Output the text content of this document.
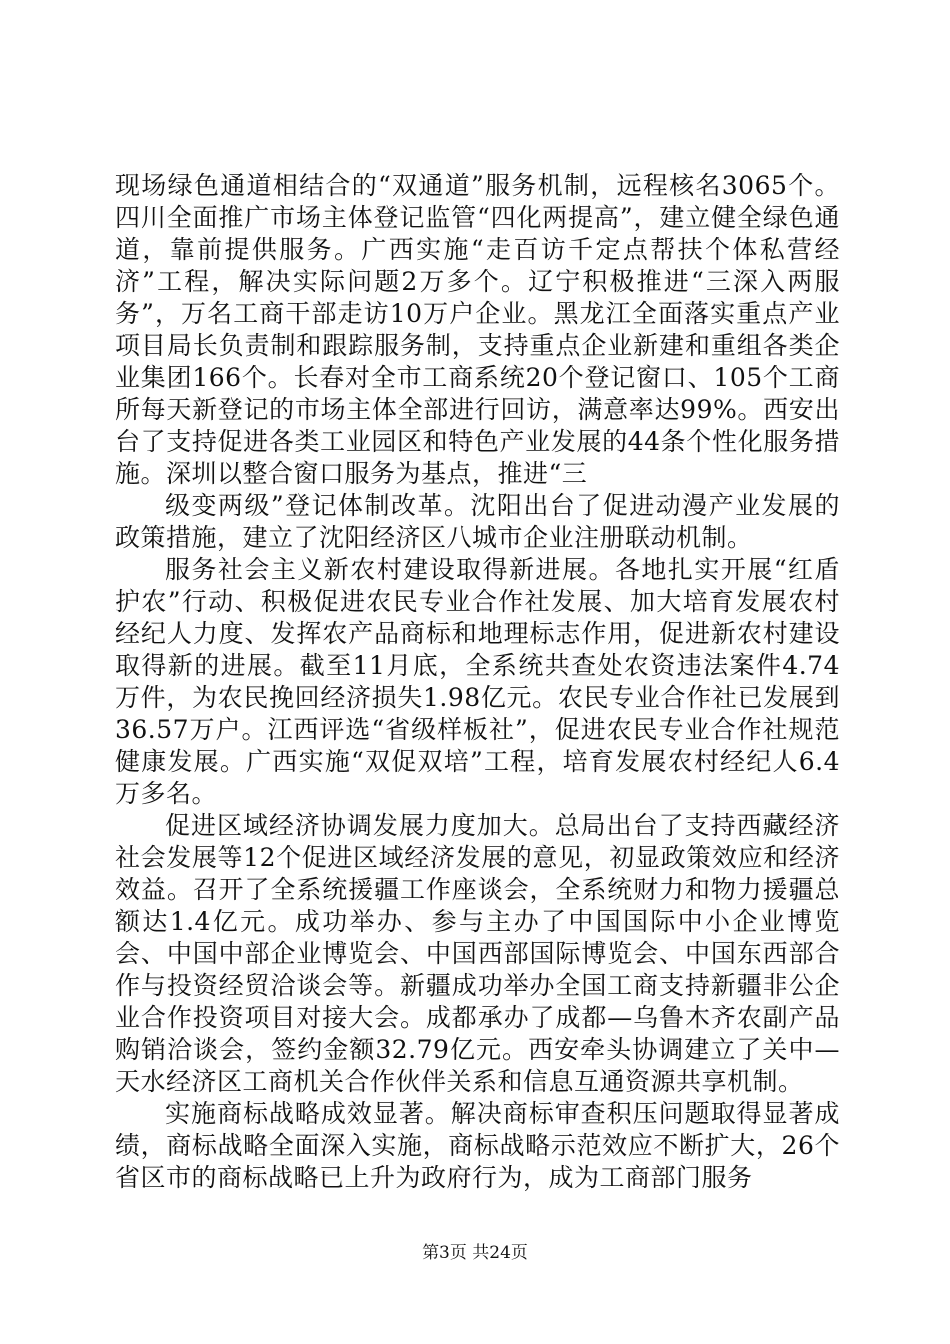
现场绿色通道相结合的“双通道”服务机制，远程核名3065个。四川全面推广市场主体登记监管“四化两提高”，建立健全绿色通道，靠前提供服务。广西实施“走百访千定点帮扶个体私营经济”工程，解决实际问题2万多个。辽宁积极推进“三深入两服务”，万名工商干部走访10万户企业。黑龙江全面落实重点产业项目局长负责制和跟踪服务制，支持重点企业新建和重组各类企业集团166个。长春对全市工商系统20个登记窗口、105个工商所每天新登记的市场主体全部进行回访，满意率达99%。西安出台了支持促进各类工业园区和特色产业发展的44条个性化服务措施。深圳以整合窗口服务为基点，推进“三

级变两级”登记体制改革。沈阳出台了促进动漫产业发展的政策措施，建立了沈阳经济区八城市企业注册联动机制。

服务社会主义新农村建设取得新进展。各地扎实开展“红盾护农”行动、积极促进农民专业合作社发展、加大培育发展农村经纪人力度、发挥农产品商标和地理标志作用，促进新农村建设取得新的进展。截至11月底，全系统共查处农资违法案件4.74万件，为农民挽回经济损失1.98亿元。农民专业合作社已发展到36.57万户。江西评选“省级样板社”，促进农民专业合作社规范健康发展。广西实施“双促双培”工程，培育发展农村经纪人6.4万多名。

促进区域经济协调发展力度加大。总局出台了支持西藏经济社会发展等12个促进区域经济发展的意见，初显政策效应和经济效益。召开了全系统援疆工作座谈会，全系统财力和物力援疆总额达1.4亿元。成功举办、参与主办了中国国际中小企业博览会、中国中部企业博览会、中国西部国际博览会、中国东西部合作与投资经贸洽谈会等。新疆成功举办全国工商支持新疆非公企业合作投资项目对接大会。成都承办了成都—乌鲁木齐农副产品购销洽谈会，签约金额32.79亿元。西安牵头协调建立了关中—天水经济区工商机关合作伙伴关系和信息互通资源共享机制。

实施商标战略成效显著。解决商标审查积压问题取得显著成绩，商标战略全面深入实施，商标战略示范效应不断扩大，26个省区市的商标战略已上升为政府行为，成为工商部门服务

第3页 共24页
